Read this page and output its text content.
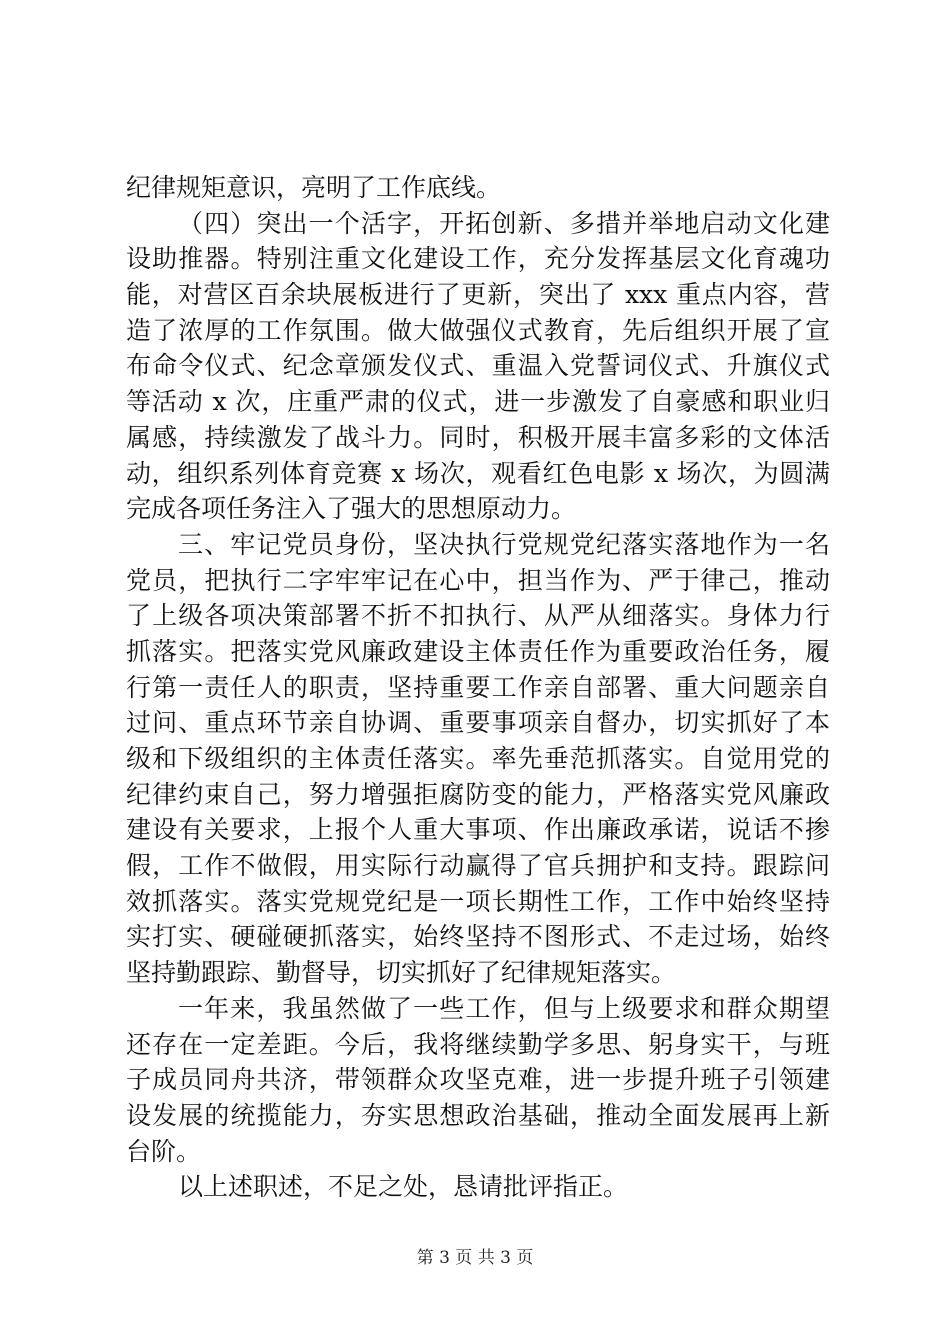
纪律规矩意识，亮明了工作底线。
（四）突出一个活字，开拓创新、多措并举地启动文化建
设助推器。特别注重文化建设工作，充分发挥基层文化育魂功
能，对营区百余块展板进行了更新，突出了 xxx 重点内容，营
造了浓厚的工作氛围。做大做强仪式教育，先后组织开展了宣
布命令仪式、纪念章颁发仪式、重温入党誓词仪式、升旗仪式
等活动 x 次，庄重严肃的仪式，进一步激发了自豪感和职业归
属感，持续激发了战斗力。同时，积极开展丰富多彩的文体活
动，组织系列体育竞赛 x 场次，观看红色电影 x 场次，为圆满
完成各项任务注入了强大的思想原动力。
三、牢记党员身份，坚决执行党规党纪落实落地作为一名
党员，把执行二字牢牢记在心中，担当作为、严于律己，推动
了上级各项决策部署不折不扣执行、从严从细落实。身体力行
抓落实。把落实党风廉政建设主体责任作为重要政治任务，履
行第一责任人的职责，坚持重要工作亲自部署、重大问题亲自
过问、重点环节亲自协调、重要事项亲自督办，切实抓好了本
级和下级组织的主体责任落实。率先垂范抓落实。自觉用党的
纪律约束自己，努力增强拒腐防变的能力，严格落实党风廉政
建设有关要求，上报个人重大事项、作出廉政承诺，说话不掺
假，工作不做假，用实际行动赢得了官兵拥护和支持。跟踪问
效抓落实。落实党规党纪是一项长期性工作，工作中始终坚持
实打实、硬碰硬抓落实，始终坚持不图形式、不走过场，始终
坚持勤跟踪、勤督导，切实抓好了纪律规矩落实。
一年来，我虽然做了一些工作，但与上级要求和群众期望
还存在一定差距。今后，我将继续勤学多思、躬身实干，与班
子成员同舟共济，带领群众攻坚克难，进一步提升班子引领建
设发展的统揽能力，夯实思想政治基础，推动全面发展再上新
台阶。
以上述职述，不足之处，恳请批评指正。
第 3 页 共 3 页
